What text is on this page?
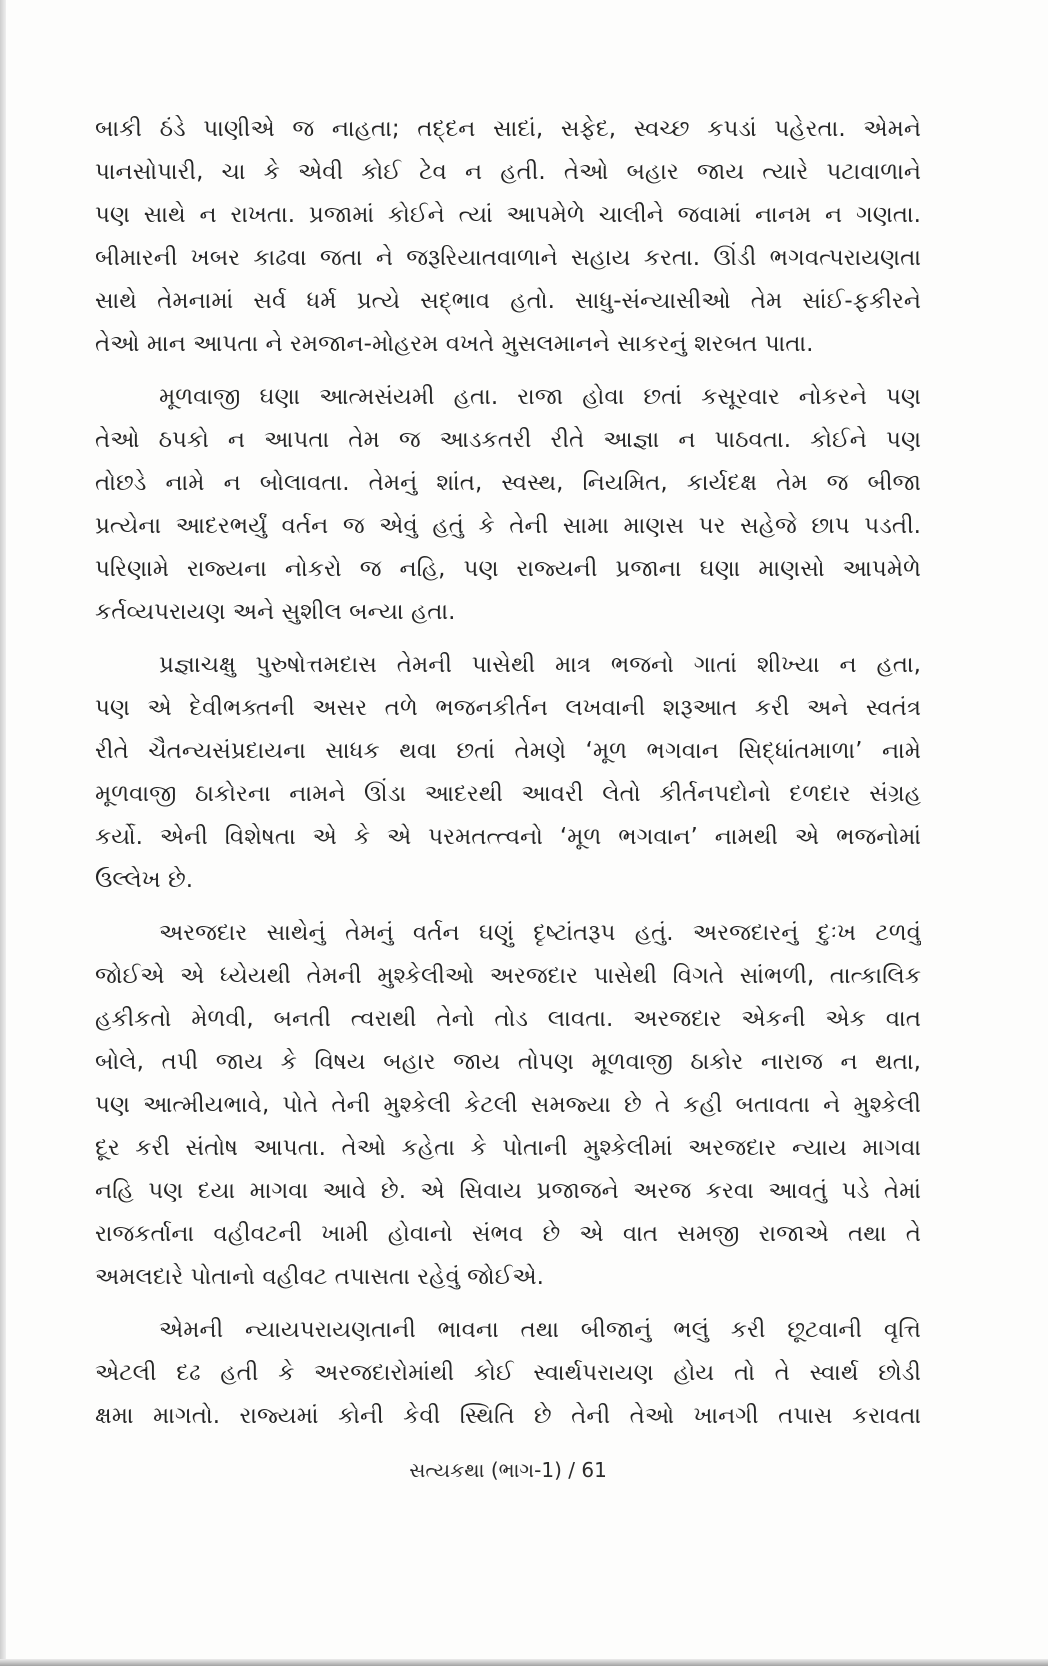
બાકી ઠંડે પાણીએ જ નાહતા; તદ્દન સાદાં, સફેદ, સ્વચ્છ કપડાં પહેરતા. એમને
પાનસોપારી, ચા કે એવી કોઈ ટેવ ન હતી. તેઓ બહાર જાય ત્યારે પટાવાળાને
પણ સાથે ન રાખતા. પ્રજામાં કોઈને ત્યાં આપમેળે ચાલીને જવામાં નાનમ ન ગણતા.
બીમારની ખબર કાઢવા જતા ને જરૂરિયાતવાળાને સહાય કરતા. ઊંડી ભગવત્પરાયણતા
સાથે તેમનામાં સર્વ ધર્મ પ્રત્યે સદ્ભાવ હતો. સાધુ-સંન્યાસીઓ તેમ સાંઈ-ફકીરને
તેઓ માન આપતા ને રમજાન-મોહરમ વખતે મુસલમાનને સાકરનું શરબત પાતા.
મૂળવાજી ઘણા આત્મસંયમી હતા. રાજા હોવા છતાં કસૂરવાર નોકરને પણ
તેઓ ઠપકો ન આપતા તેમ જ આડકતરી રીતે આજ્ઞા ન પાઠવતા. કોઈને પણ
તોછડે નામે ન બોલાવતા. તેમનું શાંત, સ્વસ્થ, નિયમિત, કાર્યદક્ષ તેમ જ બીજા
પ્રત્યેના આદરભર્યું વર્તન જ એવું હતું કે તેની સામા માણસ પર સહેજે છાપ પડતી.
પરિણામે રાજ્યના નોકરો જ નહિ, પણ રાજ્યની પ્રજાના ઘણા માણસો આપમેળે
કર્તવ્યપરાયણ અને સુશીલ બન્યા હતા.
પ્રજ્ઞાચક્ષુ પુરુષોત્તમદાસ તેમની પાસેથી માત્ર ભજનો ગાતાં શીખ્યા ન હતા,
પણ એ દેવીભક્તની અસર તળે ભજનકીર્તન લખવાની શરૂઆત કરી અને સ્વતંત્ર
રીતે ચૈતન્યસંપ્રદાયના સાધક થવા છતાં તેમણે ‘મૂળ ભગવાન સિદ્ધાંતમાળા’ નામે
મૂળવાજી ઠાકોરના નામને ઊંડા આદરથી આવરી લેતો કીર્તનપદોનો દળદાર સંગ્રહ
કર્યો. એની વિશેષતા એ કે એ પરમતત્ત્વનો ‘મૂળ ભગવાન’ નામથી એ ભજનોમાં
ઉલ્લેખ છે.
અરજદાર સાથેનું તેમનું વર્તન ઘણું દૃષ્ટાંતરૂપ હતું. અરજદારનું દુઃખ ટળવું
જોઈએ એ ધ્યેયથી તેમની મુશ્કેલીઓ અરજદાર પાસેથી વિગતે સાંભળી, તાત્કાલિક
હકીકતો મેળવી, બનતી ત્વરાથી તેનો તોડ લાવતા. અરજદાર એકની એક વાત
બોલે, તપી જાય કે વિષય બહાર જાય તોપણ મૂળવાજી ઠાકોર નારાજ ન થતા,
પણ આત્મીયભાવે, પોતે તેની મુશ્કેલી કેટલી સમજ્યા છે તે કહી બતાવતા ને મુશ્કેલી
દૂર કરી સંતોષ આપતા. તેઓ કહેતા કે પોતાની મુશ્કેલીમાં અરજદાર ન્યાય માગવા
નહિ પણ દયા માગવા આવે છે. એ સિવાય પ્રજાજને અરજ કરવા આવતું પડે તેમાં
રાજકર્તાના વહીવટની ખામી હોવાનો સંભવ છે એ વાત સમજી રાજાએ તથા તે
અમલદારે પોતાનો વહીવટ તપાસતા રહેવું જોઈએ.
એમની ન્યાયપરાયણતાની ભાવના તથા બીજાનું ભલું કરી છૂટવાની વૃત્તિ
એટલી દઢ હતી કે અરજદારોમાંથી કોઈ સ્વાર્થપરાયણ હોય તો તે સ્વાર્થ છોડી
ક્ષમા માગતો. રાજ્યમાં કોની કેવી સ્થિતિ છે તેની તેઓ ખાનગી તપાસ કરાવતા
સત્યકથા (ભાગ-1) / 61
